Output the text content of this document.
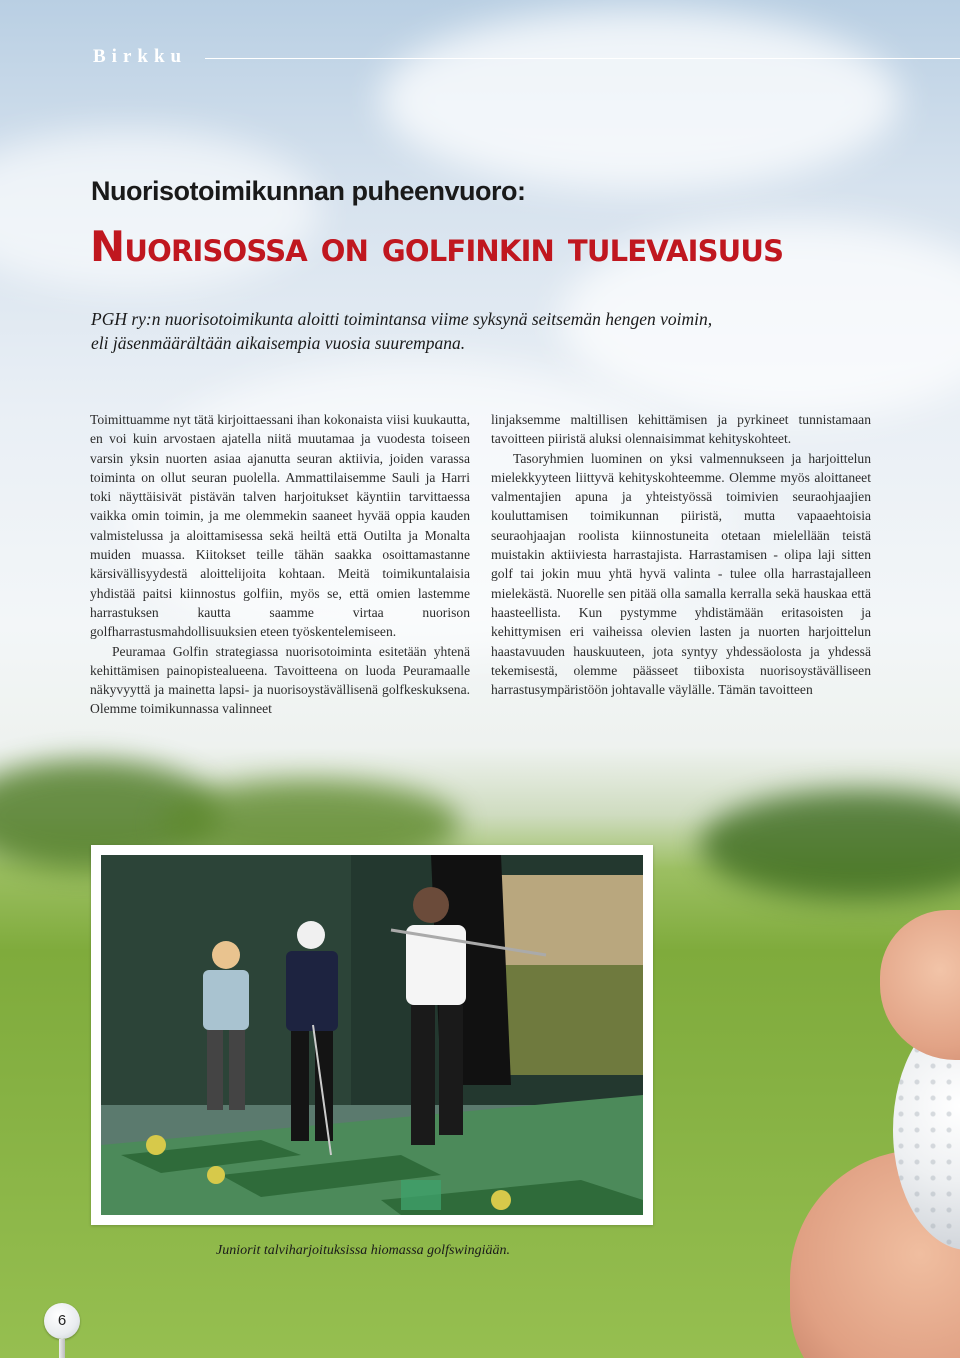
Birkku
Nuorisotoimikunnan puheenvuoro:
Nuorisossa on golfinkin tulevaisuus

PGH ry:n nuorisotoimikunta aloitti toimintansa viime syksynä seitsemän hengen voimin,

eli jäsenmäärältään aikaisempia vuosia suurempana.

Toimittuamme nyt tätä kirjoittaessani ihan kokonaista viisi kuukautta, en voi kuin arvostaen ajatella niitä muutamaa ja vuodesta toiseen varsin yksin nuorten asiaa ajanutta seuran aktiivia, joiden varassa toiminta on ollut seuran puolella. Ammattilaisemme Sauli ja Harri toki näyttäisivät pistävän talven harjoitukset käyntiin tarvittaessa vaikka omin toimin, ja me olemmekin saaneet hyvää oppia kauden valmistelussa ja aloittamisessa sekä heiltä että Outilta ja Monalta muiden muassa. Kiitokset teille tähän saakka osoittamastanne kärsivällisyydestä aloittelijoita kohtaan. Meitä toimikuntalaisia yhdistää paitsi kiinnostus golfiin, myös se, että omien lastemme harrastuksen kautta saamme virtaa nuorison golfharrastusmahdollisuuksien eteen työskentelemiseen.

Peuramaa Golfin strategiassa nuorisotoiminta esitetään yhtenä kehittämisen painopistealueena. Tavoitteena on luoda Peuramaalle näkyvyyttä ja mainetta lapsi- ja nuorisoystävällisenä golfkeskuksena. Olemme toimikunnassa valinneet

linjaksemme maltillisen kehittämisen ja pyrkineet tunnistamaan tavoitteen piiristä aluksi olennaisimmat kehityskohteet.

Tasoryhmien luominen on yksi valmennukseen ja harjoittelun mielekkyyteen liittyvä kehityskohteemme. Olemme myös aloittaneet valmentajien apuna ja yhteistyössä toimivien seuraohjaajien kouluttamisen toimikunnan piiristä, mutta vapaaehtoisia seuraohjaajan roolista kiinnostuneita otetaan mielellään teistä muistakin aktiiviesta harrastajista. Harrastamisen - olipa laji sitten golf tai jokin muu yhtä hyvä valinta - tulee olla harrastajalleen mielekästä. Nuorelle sen pitää olla samalla kerralla sekä hauskaa että haasteellista. Kun pystymme yhdistämään eritasoisten ja kehittymisen eri vaiheissa olevien lasten ja nuorten harjoittelun haastavuuden hauskuuteen, jota syntyy yhdessäolosta ja yhdessä tekemisestä, olemme päässeet tiiboxista nuorisoystävälliseen harrastusympäristöön johtavalle väylälle. Tämän tavoitteen

Juniorit talviharjoituksissa hiomassa golfswingiään.
6
